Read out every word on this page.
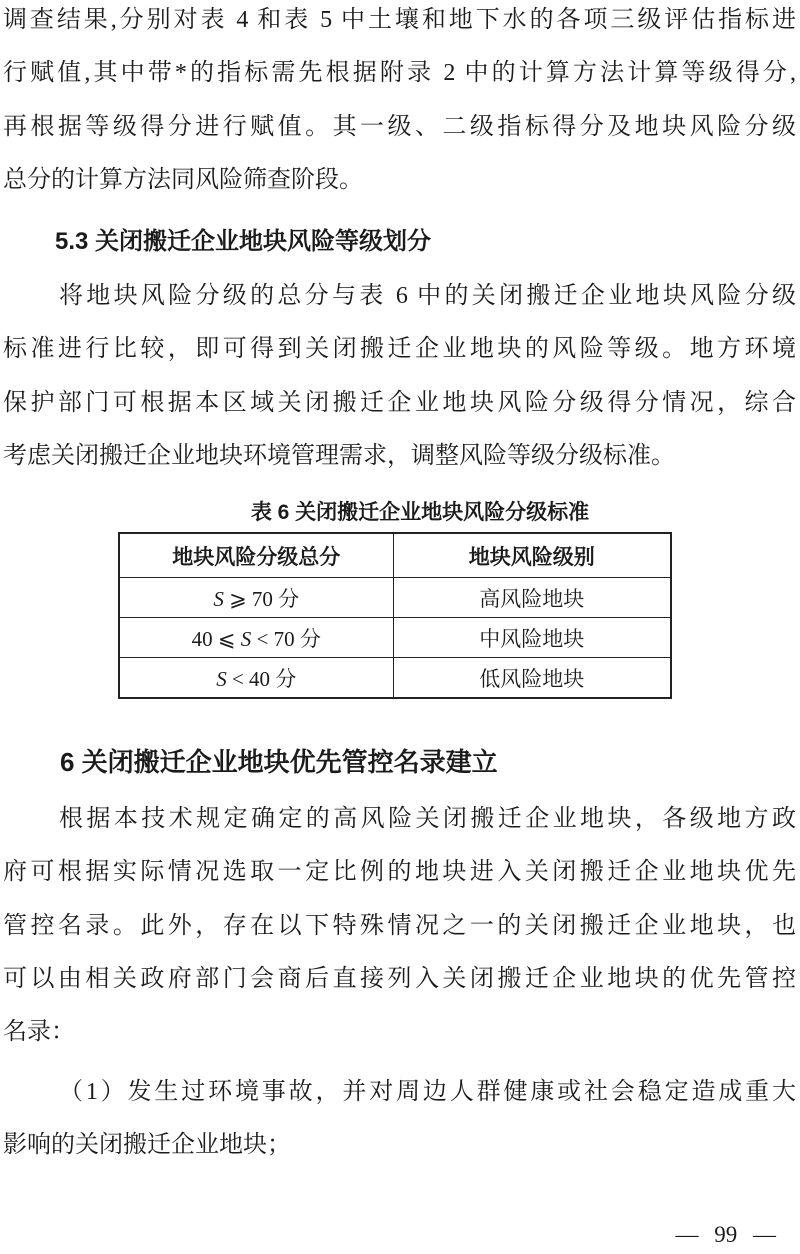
调查结果,分别对表 4 和表 5 中土壤和地下水的各项三级评估指标进
行赋值,其中带*的指标需先根据附录 2 中的计算方法计算等级得分,
再根据等级得分进行赋值。其一级、二级指标得分及地块风险分级
总分的计算方法同风险筛查阶段。
5.3 关闭搬迁企业地块风险等级划分
将地块风险分级的总分与表 6 中的关闭搬迁企业地块风险分级
标准进行比较，即可得到关闭搬迁企业地块的风险等级。地方环境
保护部门可根据本区域关闭搬迁企业地块风险分级得分情况，综合
考虑关闭搬迁企业地块环境管理需求，调整风险等级分级标准。
表 6 关闭搬迁企业地块风险分级标准
地块风险分级总分	地块风险级别
S ⩾ 70 分	高风险地块
40 ⩽ S < 70 分	中风险地块
S < 40 分	低风险地块
6 关闭搬迁企业地块优先管控名录建立
根据本技术规定确定的高风险关闭搬迁企业地块，各级地方政
府可根据实际情况选取一定比例的地块进入关闭搬迁企业地块优先
管控名录。此外，存在以下特殊情况之一的关闭搬迁企业地块，也
可以由相关政府部门会商后直接列入关闭搬迁企业地块的优先管控
名录：
（1）发生过环境事故，并对周边人群健康或社会稳定造成重大
影响的关闭搬迁企业地块；
— 99 —
